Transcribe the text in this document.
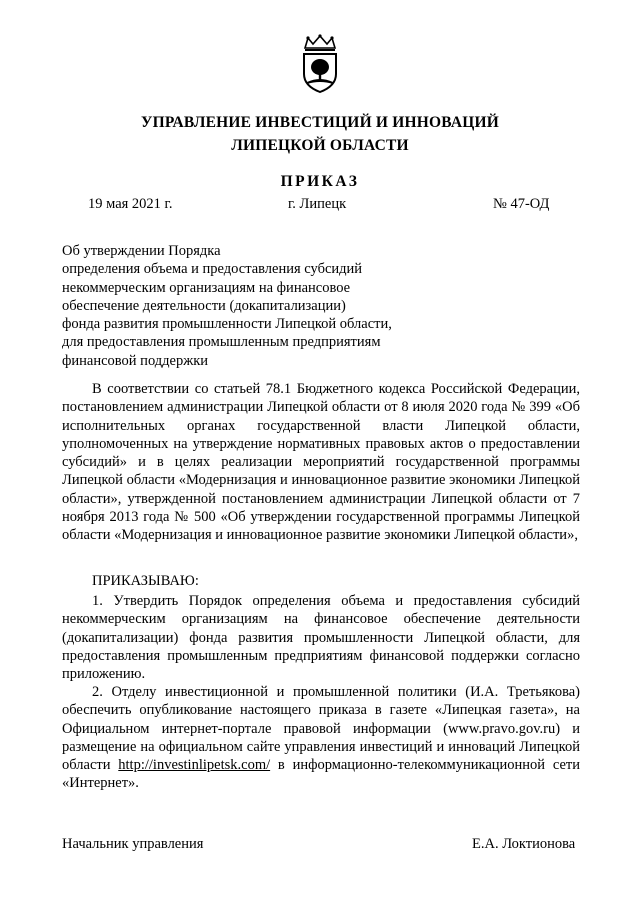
УПРАВЛЕНИЕ ИНВЕСТИЦИЙ И ИННОВАЦИЙ
ЛИПЕЦКОЙ ОБЛАСТИ
ПРИКАЗ
19 мая 2021 г.	г. Липецк	№ 47-ОД
Об утверждении Порядка
определения объема и предоставления субсидий
некоммерческим организациям на финансовое
обеспечение деятельности (докапитализации)
фонда развития промышленности Липецкой области,
для предоставления промышленным предприятиям
финансовой поддержки

В соответствии со статьей 78.1 Бюджетного кодекса Российской Федерации, постановлением администрации Липецкой области от 8 июля 2020 года № 399 «Об исполнительных органах государственной власти Липецкой области, уполномоченных на утверждение нормативных правовых актов о предоставлении субсидий» и в целях реализации мероприятий государственной программы Липецкой области «Модернизация и инновационное развитие экономики Липецкой области», утвержденной постановлением администрации Липецкой области от 7 ноября 2013 года № 500 «Об утверждении государственной программы Липецкой области «Модернизация и инновационное развитие экономики Липецкой области»,

ПРИКАЗЫВАЮ:

1. Утвердить Порядок определения объема и предоставления субсидий некоммерческим организациям на финансовое обеспечение деятельности (докапитализации) фонда развития промышленности Липецкой области, для предоставления промышленным предприятиям финансовой поддержки согласно приложению.

2. Отделу инвестиционной и промышленной политики (И.А. Третьякова) обеспечить опубликование настоящего приказа в газете «Липецкая газета», на Официальном интернет-портале правовой информации (www.pravo.gov.ru) и размещение на официальном сайте управления инвестиций и инноваций Липецкой области http://investinlipetsk.com/ в информационно-телекоммуникационной сети «Интернет».

Начальник управления	Е.А. Локтионова
